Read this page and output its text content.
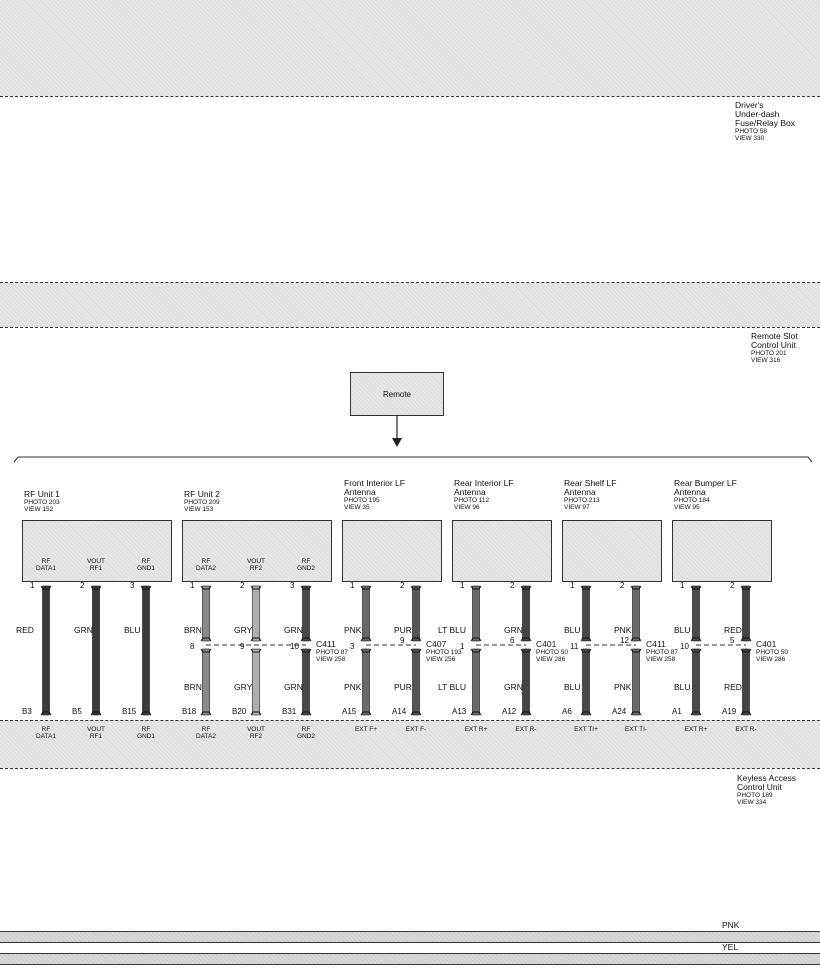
Driver's
Under-dash
Fuse/Relay Box
PHOTO 58
VIEW 330
Remote Slot
Control Unit
PHOTO 201
VIEW 316
Remote
Keyless Access
Control Unit
PHOTO 189
VIEW 334
PNK
YEL
RF Unit 1
PHOTO 203
VIEW 152
RF Unit 2
PHOTO 209
VIEW 153
Front Interior LF
Antenna
PHOTO 195
VIEW 35
Rear Interior LF
Antenna
PHOTO 112
VIEW 96
Rear Shelf LF
Antenna
PHOTO 213
VIEW 97
Rear Bumper LF
Antenna
PHOTO 184
VIEW 95
RF
DATA1
1
RED
B3
RF
DATA1
VOUT
RF1
2
GRN
B5
VOUT
RF1
RF
GND1
3
BLU
B15
RF
GND1
RF
DATA2
1
BRN
BRN
8
B18
RF
DATA2
VOUT
RF2
2
GRY
GRY
9
B20
VOUT
RF2
RF
GND2
3
GRN
GRN
10
B31
RF
GND2
1
PNK
PNK
3
A15
EXT F+
2
PUR
PUR
9
A14
EXT F-
1
LT BLU
LT BLU
1
A13
EXT R+
2
GRN
GRN
6
A12
EXT R-
1
BLU
BLU
11
A6
EXT TI+
2
PNK
PNK
12
A24
EXT TI-
1
BLU
BLU
10
A1
EXT R+
2
RED
RED
5
A19
EXT R-
C411
PHOTO 87
VIEW 258
C407
PHOTO 193
VIEW 256
C401
PHOTO 50
VIEW 286
C411
PHOTO 87
VIEW 258
C401
PHOTO 50
VIEW 286
